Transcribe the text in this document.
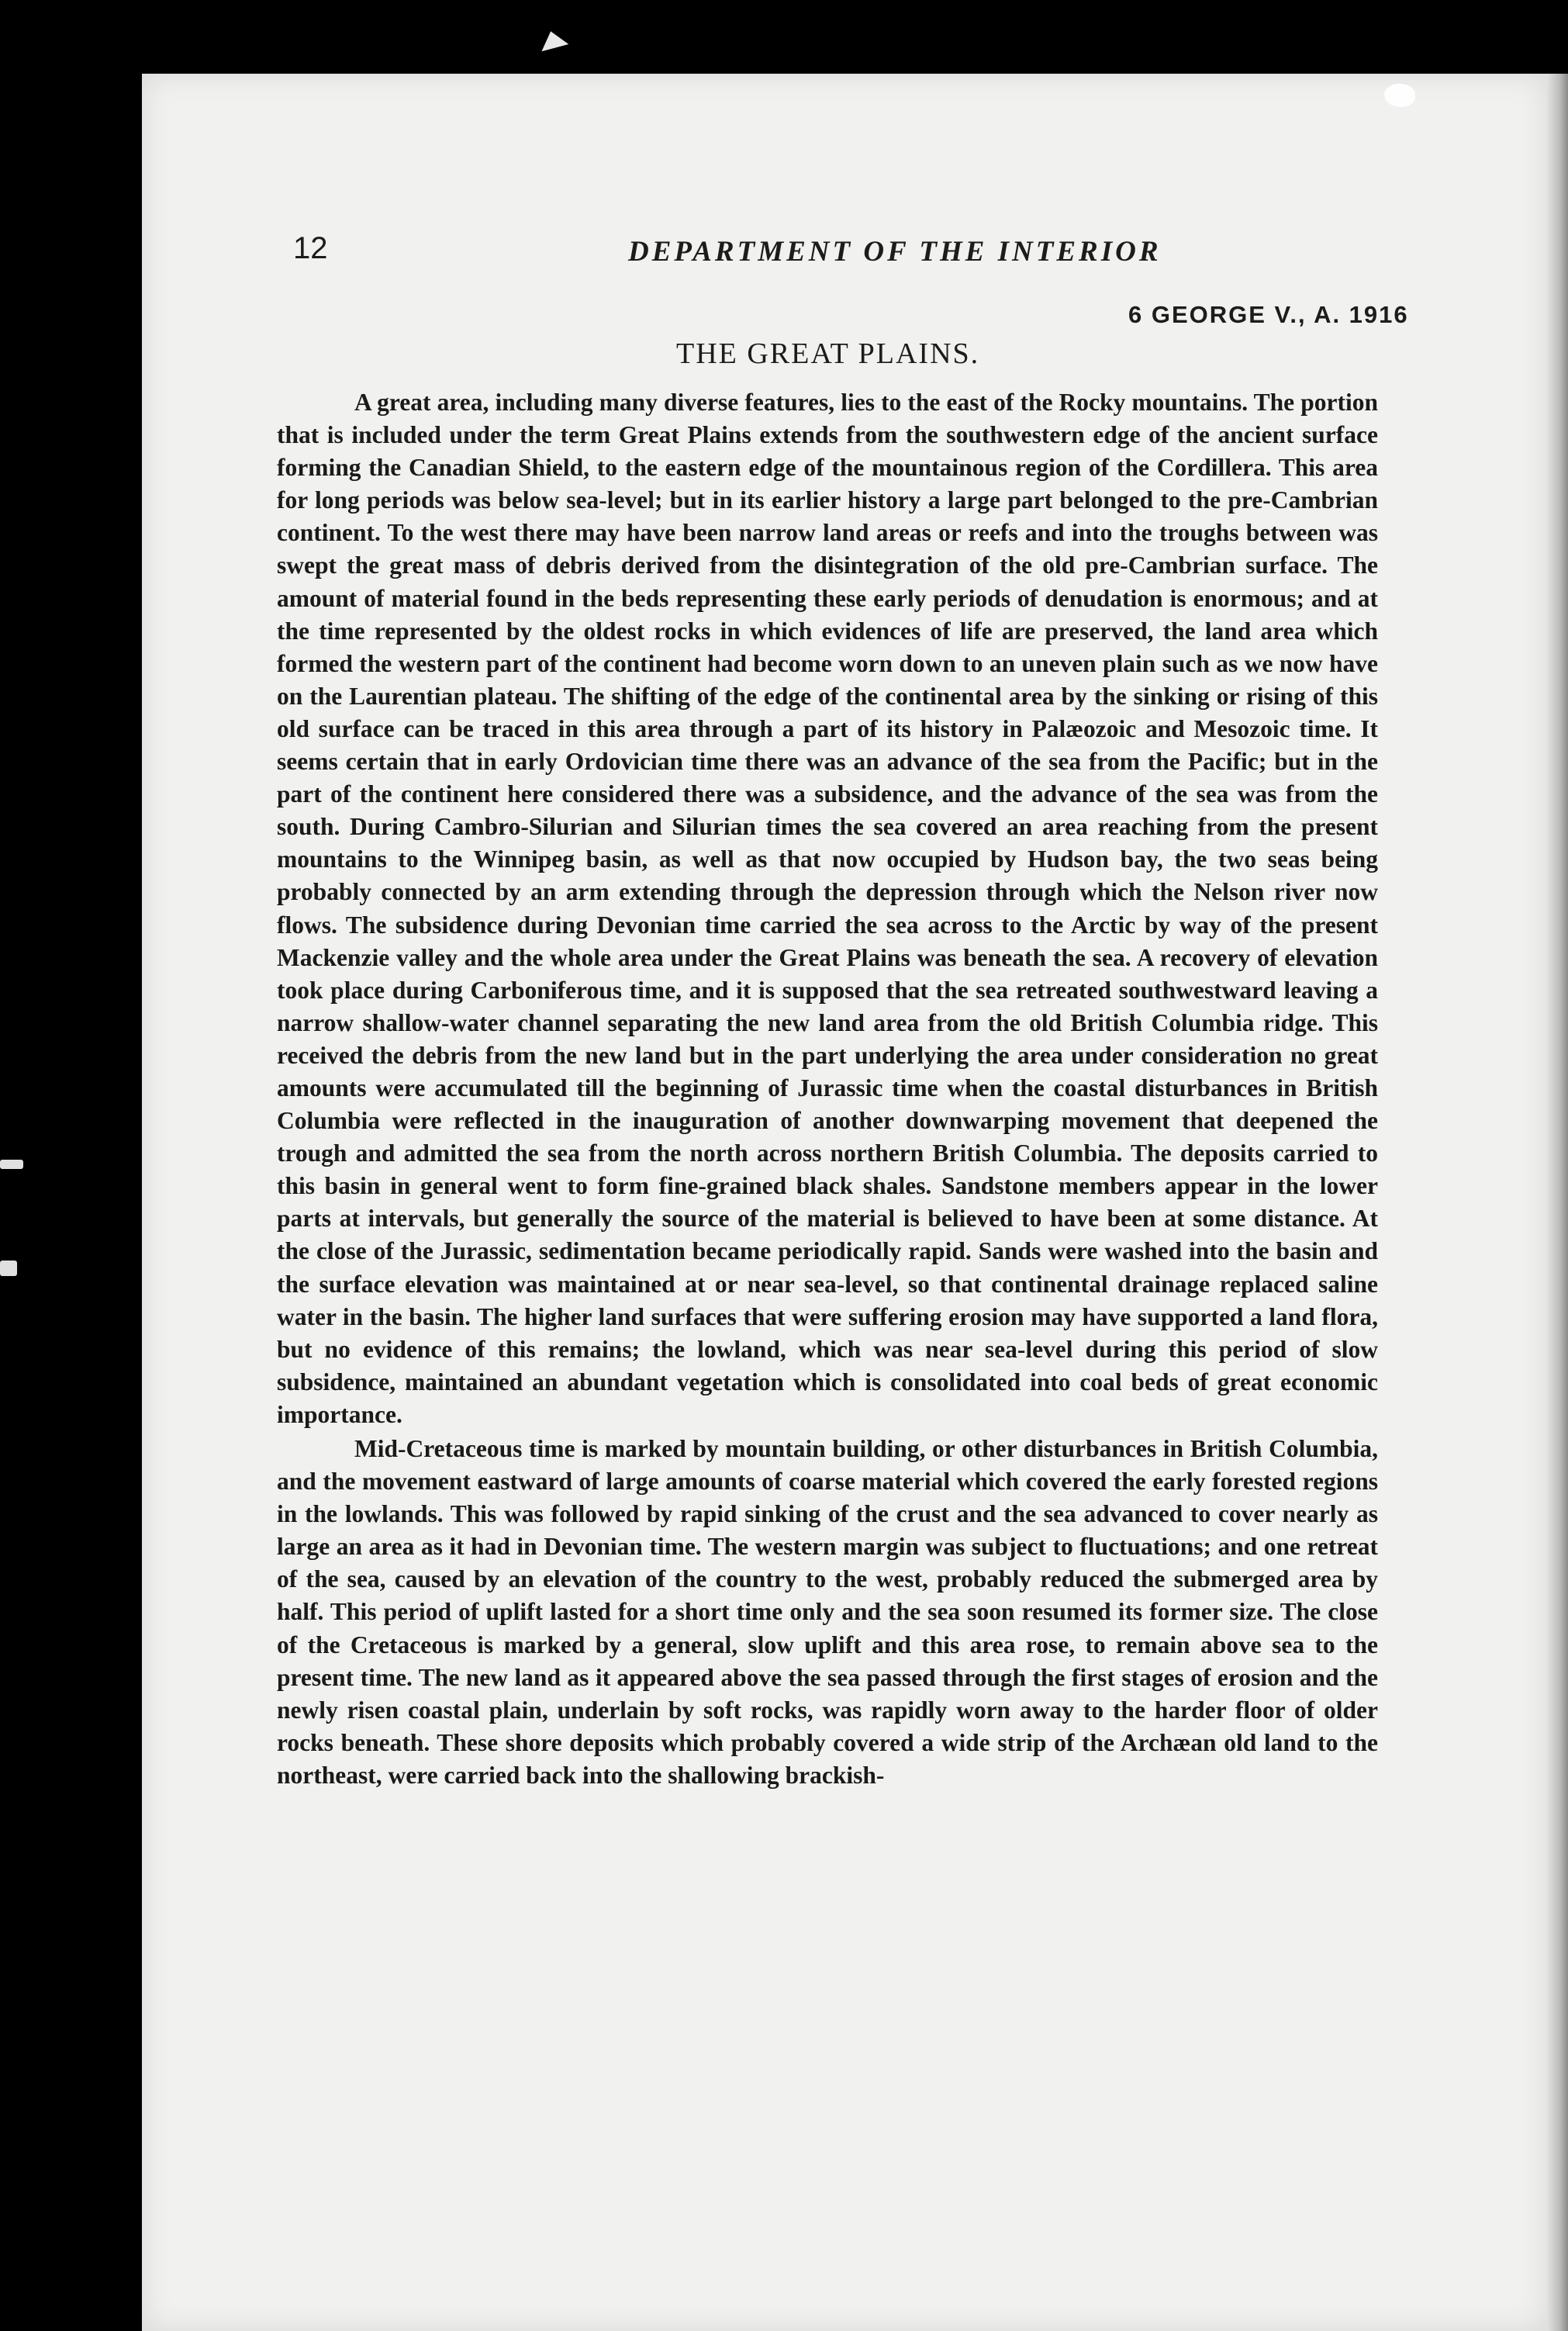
12	DEPARTMENT OF THE INTERIOR
6 GEORGE V., A. 1916
THE GREAT PLAINS.

A great area, including many diverse features, lies to the east of the Rocky mountains. The portion that is included under the term Great Plains extends from the southwestern edge of the ancient surface forming the Canadian Shield, to the eastern edge of the mountainous region of the Cordillera. This area for long periods was below sea-level; but in its earlier history a large part belonged to the pre-Cambrian continent. To the west there may have been narrow land areas or reefs and into the troughs between was swept the great mass of debris derived from the disintegration of the old pre-Cambrian surface. The amount of material found in the beds representing these early periods of denudation is enormous; and at the time represented by the oldest rocks in which evidences of life are preserved, the land area which formed the western part of the continent had become worn down to an uneven plain such as we now have on the Laurentian plateau. The shifting of the edge of the continental area by the sinking or rising of this old surface can be traced in this area through a part of its history in Palæozoic and Mesozoic time. It seems certain that in early Ordovician time there was an advance of the sea from the Pacific; but in the part of the continent here considered there was a subsidence, and the advance of the sea was from the south. During Cambro-Silurian and Silurian times the sea covered an area reaching from the present mountains to the Winnipeg basin, as well as that now occupied by Hudson bay, the two seas being probably connected by an arm extending through the depression through which the Nelson river now flows. The subsidence during Devonian time carried the sea across to the Arctic by way of the present Mackenzie valley and the whole area under the Great Plains was beneath the sea. A recovery of elevation took place during Carboniferous time, and it is supposed that the sea retreated southwestward leaving a narrow shallow-water channel separating the new land area from the old British Columbia ridge. This received the debris from the new land but in the part underlying the area under consideration no great amounts were accumulated till the beginning of Jurassic time when the coastal disturbances in British Columbia were reflected in the inauguration of another downwarping movement that deepened the trough and admitted the sea from the north across northern British Columbia. The deposits carried to this basin in general went to form fine-grained black shales. Sandstone members appear in the lower parts at intervals, but generally the source of the material is believed to have been at some distance. At the close of the Jurassic, sedimentation became periodically rapid. Sands were washed into the basin and the surface elevation was maintained at or near sea-level, so that continental drainage replaced saline water in the basin. The higher land surfaces that were suffering erosion may have supported a land flora, but no evidence of this remains; the lowland, which was near sea-level during this period of slow subsidence, maintained an abundant vegetation which is consolidated into coal beds of great economic importance.

Mid-Cretaceous time is marked by mountain building, or other disturbances in British Columbia, and the movement eastward of large amounts of coarse material which covered the early forested regions in the lowlands. This was followed by rapid sinking of the crust and the sea advanced to cover nearly as large an area as it had in Devonian time. The western margin was subject to fluctuations; and one retreat of the sea, caused by an elevation of the country to the west, probably reduced the submerged area by half. This period of uplift lasted for a short time only and the sea soon resumed its former size. The close of the Cretaceous is marked by a general, slow uplift and this area rose, to remain above sea to the present time. The new land as it appeared above the sea passed through the first stages of erosion and the newly risen coastal plain, underlain by soft rocks, was rapidly worn away to the harder floor of older rocks beneath. These shore deposits which probably covered a wide strip of the Archæan old land to the northeast, were carried back into the shallowing brackish-
